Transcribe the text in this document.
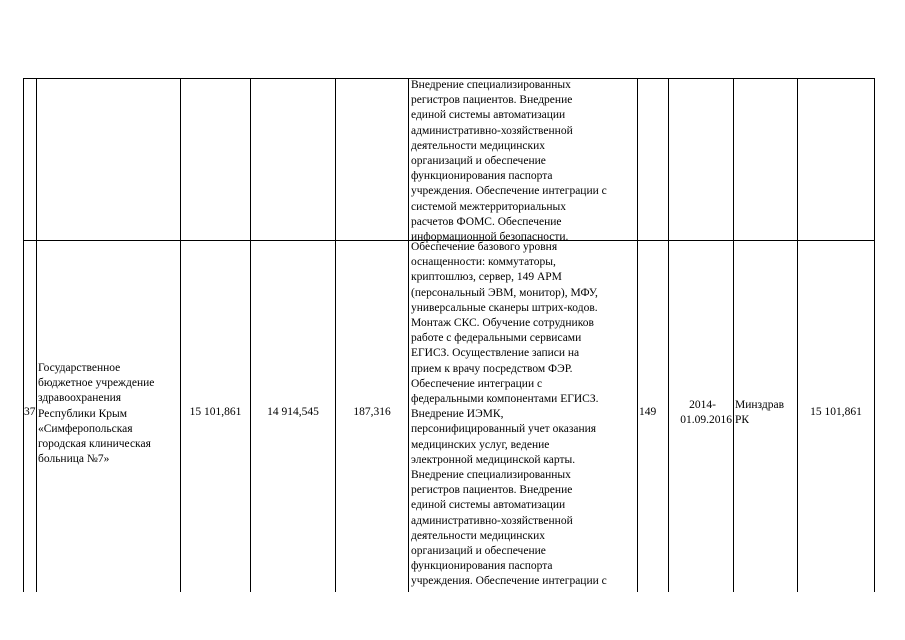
Внедрение специализированных
регистров пациентов. Внедрение
единой системы автоматизации
административно-хозяйственной
деятельности медицинских
организаций и обеспечение
функционирования паспорта
учреждения. Обеспечение интеграции с
системой межтерриториальных
расчетов ФОМС. Обеспечение
информационной безопасности.
37
Государственное
бюджетное учреждение
здравоохранения
Республики Крым
«Симферопольская
городская клиническая
больница №7»
15 101,861	14 914,545	187,316
Обеспечение базового уровня
оснащенности: коммутаторы,
криптошлюз, сервер, 149 АРМ
(персональный ЭВМ, монитор), МФУ,
универсальные сканеры штрих-кодов.
Монтаж СКС. Обучение сотрудников
работе с федеральными сервисами
ЕГИСЗ. Осуществление записи на
прием к врачу посредством ФЭР.
Обеспечение интеграции с
федеральными компонентами ЕГИСЗ.
Внедрение ИЭМК,
персонифицированный учет оказания
медицинских услуг, ведение
электронной медицинской карты.
Внедрение специализированных
регистров пациентов. Внедрение
единой системы автоматизации
административно-хозяйственной
деятельности медицинских
организаций и обеспечение
функционирования паспорта
учреждения. Обеспечение интеграции с
149
2014-
01.09.2016
Минздрав
РК
15 101,861
